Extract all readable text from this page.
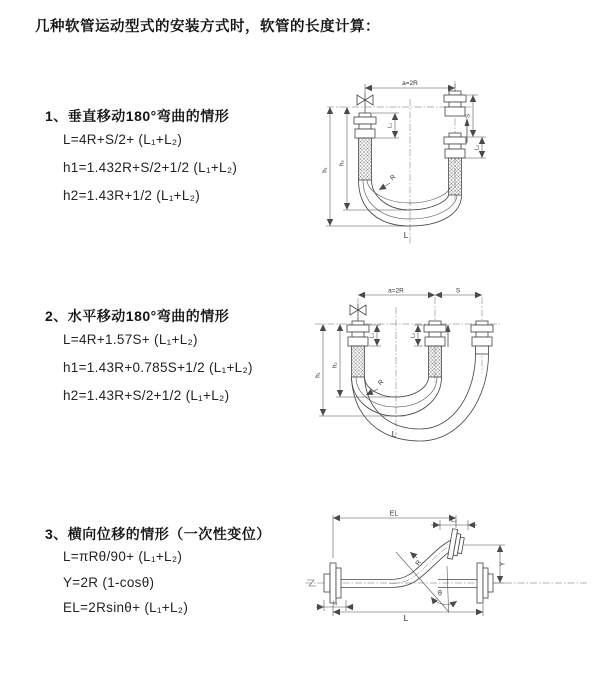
几种软管运动型式的安装方式时，软管的长度计算：
1、垂直移动180°弯曲的情形
L=4R+S/2+ (L₁+L₂)
h1=1.432R+S/2+1/2 (L₁+L₂)
h2=1.43R+1/2 (L₁+L₂)
2、水平移动180°弯曲的情形
L=4R+1.57S+ (L₁+L₂)
h1=1.43R+0.785S+1/2 (L₁+L₂)
h2=1.43R+S/2+1/2 (L₁+L₂)
3、横向位移的情形（一次性变位）
L=πRθ/90+ (L₁+L₂)
Y=2R (1-cosθ)
EL=2Rsinθ+ (L₁+L₂)
a=2R
S
L₂
L₁
h₁
h₂
R
L
a=2R	S
L₁	L₂
h₁
h₂
R
L
θ
EL
L₂
Y
L
L₁
R
